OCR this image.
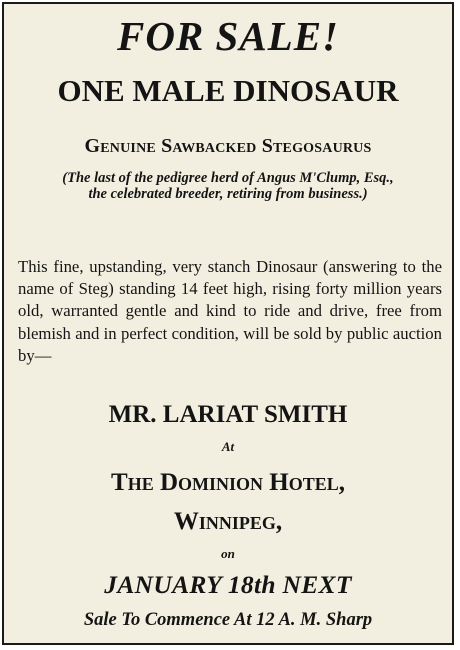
FOR SALE!
ONE MALE DINOSAUR
Genuine Sawbacked Stegosaurus
(The last of the pedigree herd of Angus M'Clump, Esq., the celebrated breeder, retiring from business.)
This fine, upstanding, very stanch Dinosaur (answering to the name of Steg) standing 14 feet high, rising forty million years old, warranted gentle and kind to ride and drive, free from blemish and in perfect condition, will be sold by public auction by—
MR. LARIAT SMITH
At
The Dominion Hotel,
Winnipeg,
on
JANUARY 18th NEXT
Sale To Commence At 12 A. M. Sharp
